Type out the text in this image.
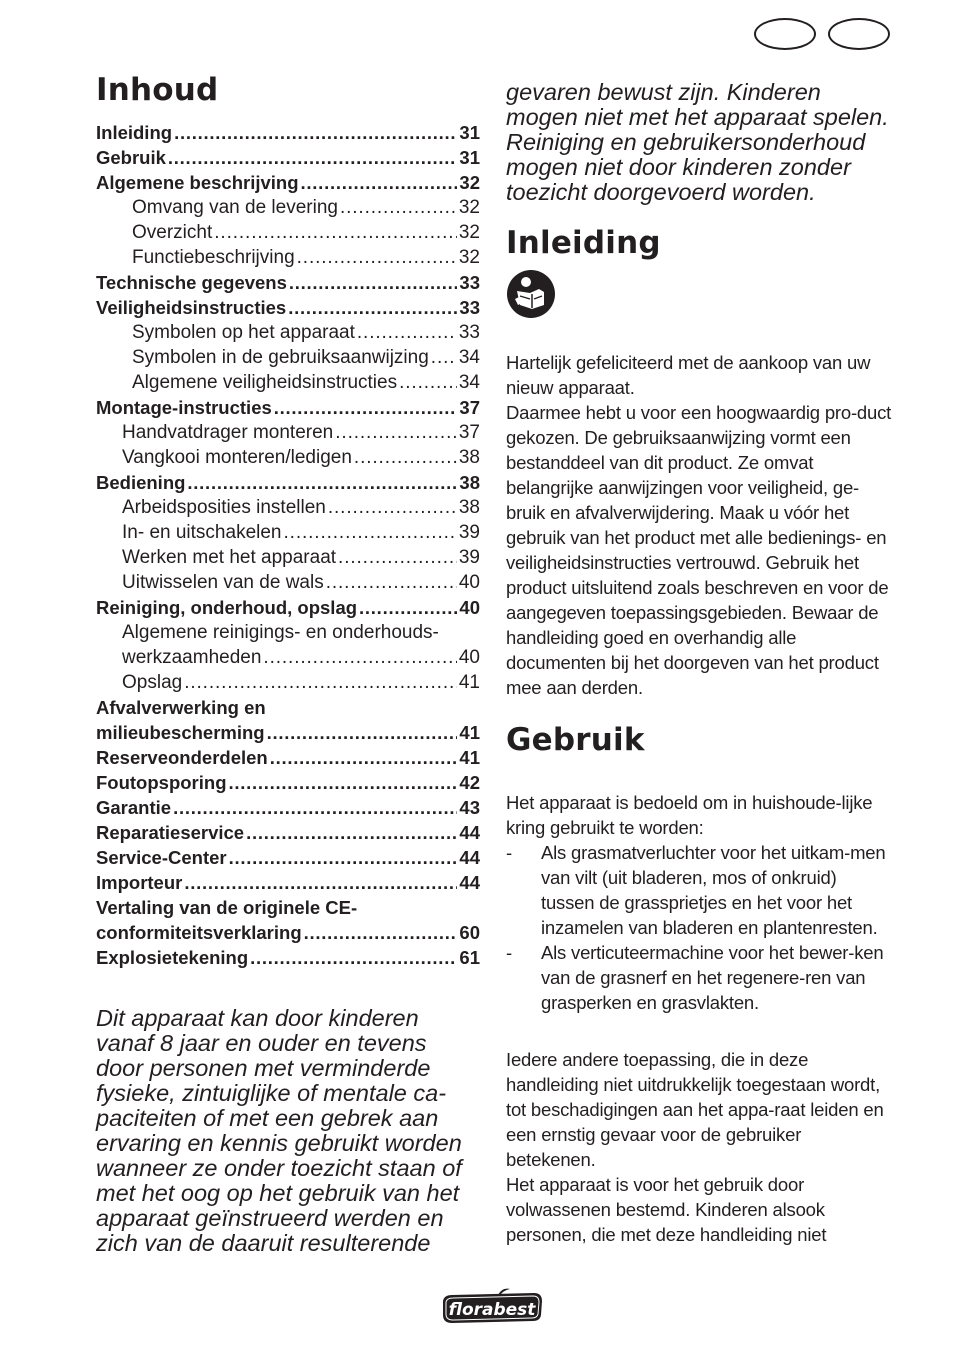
Inhoud
Inleiding . . .	31
Gebruik . . .	31
Algemene beschrijving . . .	32
Omvang van de levering . . .	32
Overzicht . . .	32
Functiebeschrijving . . .	32
Technische gegevens . . .	33
Veiligheidsinstructies . . .	33
Symbolen op het apparaat . . .	33
Symbolen in de gebruiksaanwijzing . . . 34
Algemene veiligheidsinstructies . . .	34
Montage-instructies . . .	37
Handvatdrager monteren . . .	37
Vangkooi monteren/ledigen . . .	38
Bediening . . .	38
Arbeidsposities instellen . . .	38
In- en uitschakelen . . .	39
Werken met het apparaat . . .	39
Uitwisselen van de wals . . .	40
Reiniging, onderhoud, opslag . . .	40
Algemene reinigings- en onderhouds-
werkzaamheden . . .	40
Opslag . . .	41
Afvalverwerking en
milieubescherming . . .	41
Reserveonderdelen . . .	41
Foutopsporing . . .	42
Garantie . . .	43
Reparatieservice . . .	44
Service-Center . . .	44
Importeur . . .	44
Vertaling van de originele CE-
conformiteitsverklaring . . .	60
Explosietekening . . .	61

Dit apparaat kan door kinderen vanaf 8 jaar en ouder en tevens door personen met verminderde fysieke, zintuiglijke of mentale ca-paciteiten of met een gebrek aan ervaring en kennis gebruikt worden wanneer ze onder toezicht staan of met het oog op het gebruik van het apparaat geïnstrueerd werden en zich van de daaruit resulterende

gevaren bewust zijn. Kinderen mogen niet met het apparaat spelen. Reiniging en gebruikersonderhoud mogen niet door kinderen zonder toezicht doorgevoerd worden.

Inleiding

Hartelijk gefeliciteerd met de aankoop van uw nieuw apparaat.

Daarmee hebt u voor een hoogwaardig pro-duct gekozen. De gebruiksaanwijzing vormt een bestanddeel van dit product. Ze omvat belangrijke aanwijzingen voor veiligheid, ge-bruik en afvalverwijdering. Maak u vóór het gebruik van het product met alle bedienings- en veiligheidsinstructies vertrouwd. Gebruik het product uitsluitend zoals beschreven en voor de aangegeven toepassingsgebieden. Bewaar de handleiding goed en overhandig alle documenten bij het doorgeven van het product mee aan derden.

Gebruik

Het apparaat is bedoeld om in huishoude-lijke kring gebruikt te worden:

-	Als grasmatverluchter voor het uitkam-men van vilt (uit bladeren, mos of onkruid) tussen de grassprietjes en het voor het inzamelen van bladeren en plantenresten.
-	Als verticuteermachine voor het bewer-ken van de grasnerf en het regenere-ren van grasperken en grasvlakten.

Iedere andere toepassing, die in deze handleiding niet uitdrukkelijk toegestaan wordt, tot beschadigingen aan het appa-raat leiden en een ernstig gevaar voor de gebruiker betekenen.

Het apparaat is voor het gebruik door volwassenen bestemd. Kinderen alsook personen, die met deze handleiding niet

florabest
